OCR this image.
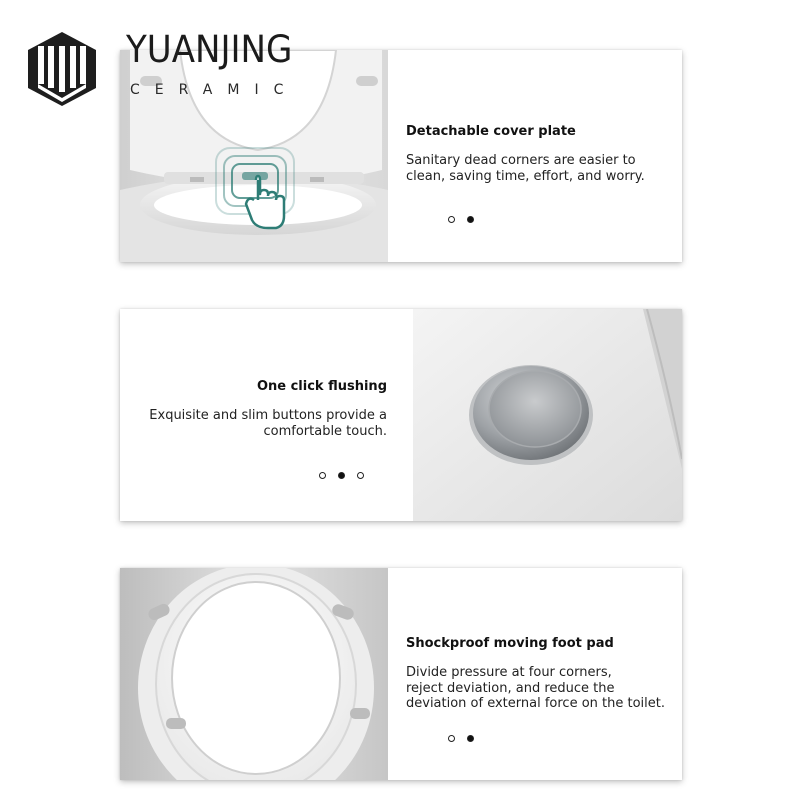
YUANJING
CERAMIC
Detachable cover plate
Sanitary dead corners are easier to
clean, saving time, effort, and worry.
One click flushing
Exquisite and slim buttons provide a
comfortable touch.
Shockproof moving foot pad
Divide pressure at four corners,
reject deviation, and reduce the
deviation of external force on the toilet.
